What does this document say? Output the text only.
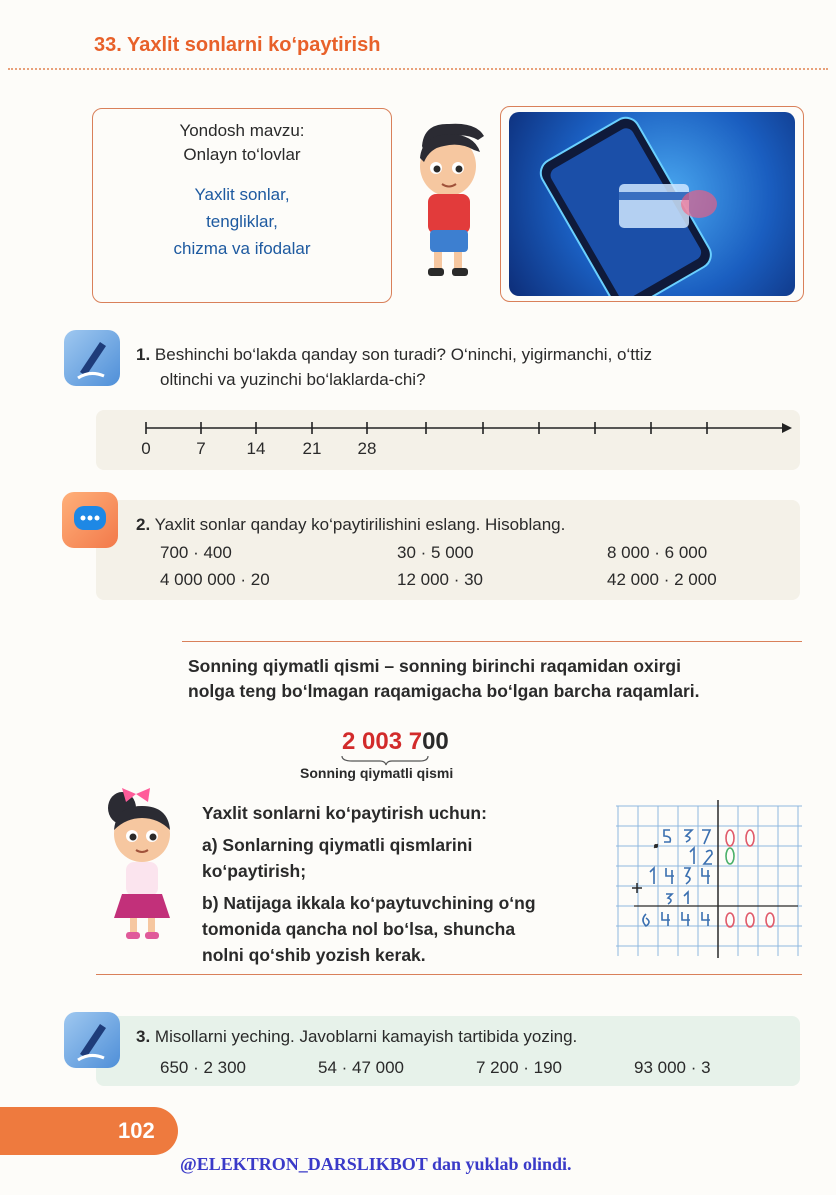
33. Yaxlit sonlarni ko‘paytirish
Yondosh mavzu:
Onlayn to‘lovlar
Yaxlit sonlar,
tengliklar,
chizma va ifodalar
1. Beshinchi bo‘lakda qanday son turadi? O‘ninchi, yigirmanchi, o‘ttiz
oltinchi va yuzinchi bo‘laklarda-chi?
0	7 14 21 28
2. Yaxlit sonlar qanday ko‘paytirilishini eslang. Hisoblang.
700 · 400	30 · 5 000	8 000 · 6 000
4 000 000 · 20	12 000 · 30	42 000 · 2 000
Sonning qiymatli qismi – sonning birinchi raqamidan oxirgi
nolga teng bo‘lmagan raqamigacha bo‘lgan barcha raqamlari.
2 003 700
Sonning qiymatli qismi
Yaxlit sonlarni ko‘paytirish uchun:
a) Sonlarning qiymatli qismlarini
ko‘paytirish;
b) Natijaga ikkala ko‘paytuvchining o‘ng
tomonida qancha nol bo‘lsa, shuncha
nolni qo‘shib yozish kerak.
3. Misollarni yeching. Javoblarni kamayish tartibida yozing.
650 · 2 300	54 · 47 000	7 200 · 190	93 000 · 3
102
@ELEKTRON_DARSLIKBOT dan yuklab olindi.
